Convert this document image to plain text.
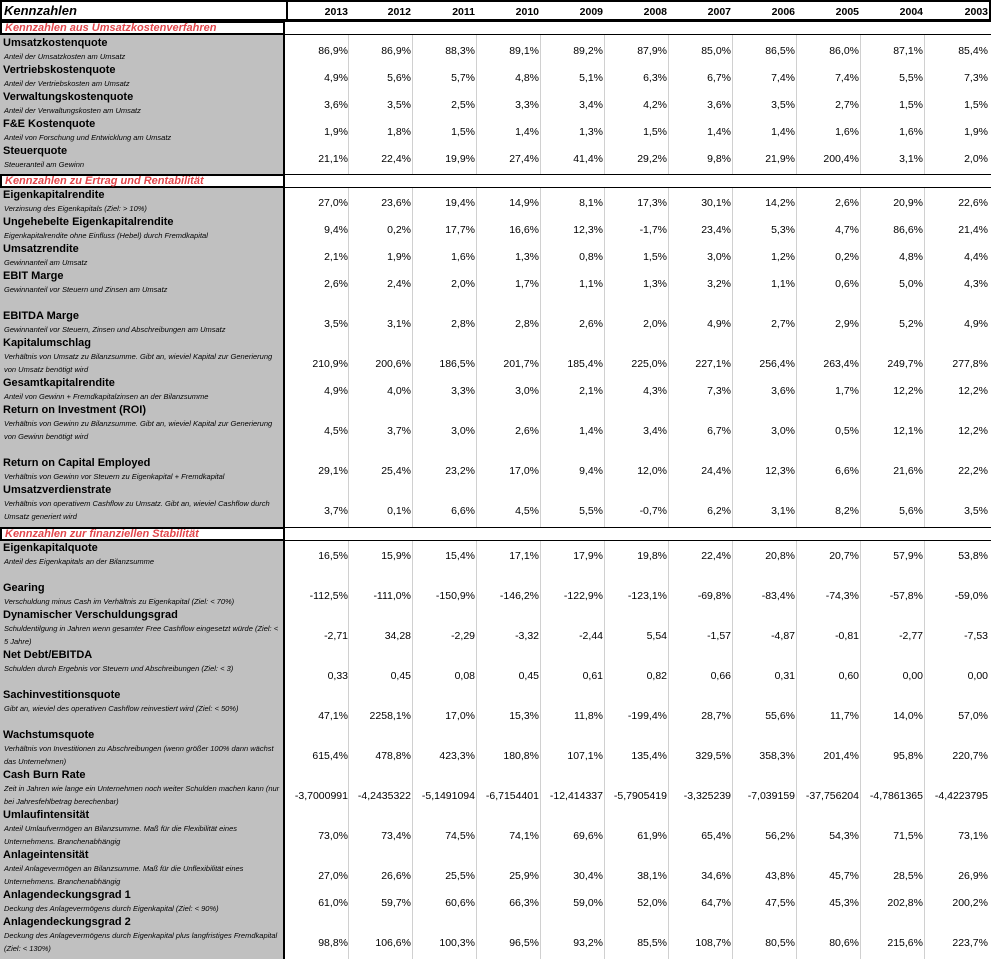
Kennzahlen	2013	2012	2011	2010	2009	2008	2007	2006	2005	2004	2003
Kennzahlen aus Umsatzkostenverfahren
Umsatzkostenquote
Anteil der Umsatzkosten am Umsatz	86,9%	86,9%	88,3%	89,1%	89,2%	87,9%	85,0%	86,5%	86,0%	87,1%	85,4%
Vertriebskostenquote
Anteil der Vertriebskosten am Umsatz	4,9%	5,6%	5,7%	4,8%	5,1%	6,3%	6,7%	7,4%	7,4%	5,5%	7,3%
Verwaltungskostenquote
Anteil der Verwaltungskosten am Umsatz	3,6%	3,5%	2,5%	3,3%	3,4%	4,2%	3,6%	3,5%	2,7%	1,5%	1,5%
F&E Kostenquote
Anteil von Forschung und Entwicklung am Umsatz	1,9%	1,8%	1,5%	1,4%	1,3%	1,5%	1,4%	1,4%	1,6%	1,6%	1,9%
Steuerquote
Steueranteil am Gewinn	21,1%	22,4%	19,9%	27,4%	41,4%	29,2%	9,8%	21,9%	200,4%	3,1%	2,0%
Kennzahlen zu Ertrag und Rentabilität
Eigenkapitalrendite
Verzinsung des Eigenkapitals (Ziel: > 10%)	27,0%	23,6%	19,4%	14,9%	8,1%	17,3%	30,1%	14,2%	2,6%	20,9%	22,6%
Ungehebelte Eigenkapitalrendite
Eigenkapitalrendite ohne Einfluss (Hebel) durch Fremdkapital	9,4%	0,2%	17,7%	16,6%	12,3%	-1,7%	23,4%	5,3%	4,7%	86,6%	21,4%
Umsatzrendite
Gewinnanteil am Umsatz	2,1%	1,9%	1,6%	1,3%	0,8%	1,5%	3,0%	1,2%	0,2%	4,8%	4,4%
EBIT Marge
Gewinnanteil vor Steuern und Zinsen am Umsatz	2,6%	2,4%	2,0%	1,7%	1,1%	1,3%	3,2%	1,1%	0,6%	5,0%	4,3%
EBITDA Marge
Gewinnanteil vor Steuern, Zinsen und Abschreibungen am Umsatz	3,5%	3,1%	2,8%	2,8%	2,6%	2,0%	4,9%	2,7%	2,9%	5,2%	4,9%
Kapitalumschlag
Verhältnis von Umsatz zu Bilanzsumme. Gibt an, wieviel Kapital zur Generierung von Umsatz benötigt wird	210,9%	200,6%	186,5%	201,7%	185,4%	225,0%	227,1%	256,4%	263,4%	249,7%	277,8%
Gesamtkapitalrendite
Anteil von Gewinn + Fremdkapitalzinsen an der Bilanzsumme	4,9%	4,0%	3,3%	3,0%	2,1%	4,3%	7,3%	3,6%	1,7%	12,2%	12,2%
Return on Investment (ROI)
Verhältnis von Gewinn zu Bilanzsumme. Gibt an, wieviel Kapital zur Generierung von Gewinn benötigt wird	4,5%	3,7%	3,0%	2,6%	1,4%	3,4%	6,7%	3,0%	0,5%	12,1%	12,2%
Return on Capital Employed
Verhältnis von Gewinn vor Steuern zu Eigenkapital + Fremdkapital	29,1%	25,4%	23,2%	17,0%	9,4%	12,0%	24,4%	12,3%	6,6%	21,6%	22,2%
Umsatzverdienstrate
Verhältnis von operativem Cashflow zu Umsatz. Gibt an, wieviel Cashflow durch Umsatz generiert wird	3,7%	0,1%	6,6%	4,5%	5,5%	-0,7%	6,2%	3,1%	8,2%	5,6%	3,5%
Kennzahlen zur finanziellen Stabilität
Eigenkapitalquote
Anteil des Eigenkapitals an der Bilanzsumme	16,5%	15,9%	15,4%	17,1%	17,9%	19,8%	22,4%	20,8%	20,7%	57,9%	53,8%
Gearing
Verschuldung minus Cash im Verhältnis zu Eigenkapital (Ziel: < 70%)	-112,5%	-111,0%	-150,9%	-146,2%	-122,9%	-123,1%	-69,8%	-83,4%	-74,3%	-57,8%	-59,0%
Dynamischer Verschuldungsgrad
Schuldentilgung in Jahren wenn gesamter Free Cashflow eingesetzt würde (Ziel: < 5 Jahre)	-2,71	34,28	-2,29	-3,32	-2,44	5,54	-1,57	-4,87	-0,81	-2,77	-7,53
Net Debt/EBITDA
Schulden durch Ergebnis vor Steuern und Abschreibungen (Ziel: < 3)
0,33	0,45	0,08	0,45	0,61	0,82	0,66	0,31	0,60	0,00	0,00
Sachinvestitionsquote
Gibt an, wieviel des operativen Cashflow reinvestiert wird (Ziel: < 50%)
47,1%	2258,1%	17,0%	15,3%	11,8%	-199,4%	28,7%	55,6%	11,7%	14,0%	57,0%
Wachstumsquote
Verhältnis von Investitionen zu Abschreibungen (wenn größer 100% dann wächst das Unternehmen)	615,4%	478,8%	423,3%	180,8%	107,1%	135,4%	329,5%	358,3%	201,4%	95,8%	220,7%
Cash Burn Rate
Zeit in Jahren wie lange ein Unternehmen noch weiter Schulden machen kann (nur bei Jahresfehlbetrag berechenbar)	-3,7000991 -4,2435322	-5,1491094	-6,7154401	-12,414337	-5,7905419	-3,325239	-7,039159	-37,756204	-4,7861365	-4,4223795
Umlaufintensität
Anteil Umlaufvermögen an Bilanzsumme. Maß für die Flexibilität eines Unternehmens. Branchenabhängig	73,0%	73,4%	74,5%	74,1%	69,6%	61,9%	65,4%	56,2%	54,3%	71,5%	73,1%
Anlageintensität
Anteil Anlagevermögen an Bilanzsumme. Maß für die Unflexibilität eines Unternehmens. Branchenabhängig	27,0%	26,6%	25,5%	25,9%	30,4%	38,1%	34,6%	43,8%	45,7%	28,5%	26,9%
Anlagendeckungsgrad 1
Deckung des Anlagevermögens durch Eigenkapital (Ziel: < 90%)	61,0%	59,7%	60,6%	66,3%	59,0%	52,0%	64,7%	47,5%	45,3%	202,8%	200,2%
Anlagendeckungsgrad 2
Deckung des Anlagevermögens durch Eigenkapital plus langfristiges Fremdkapital (Ziel: < 130%)	98,8%	106,6%	100,3%	96,5%	93,2%	85,5%	108,7%	80,5%	80,6%	215,6%	223,7%
